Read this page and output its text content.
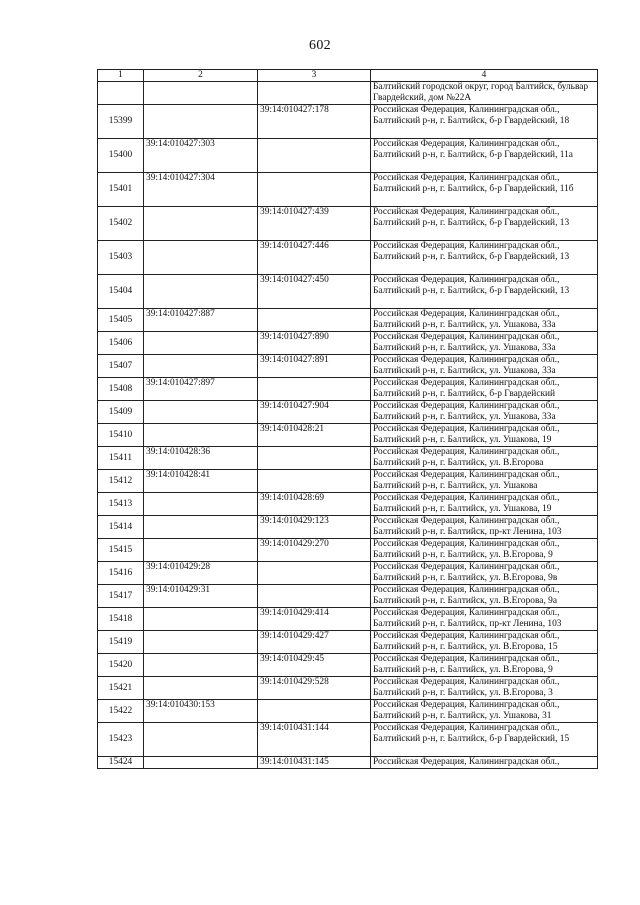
602
1	2	3	4
			Балтийский городской округ, город Балтийск, бульвар Гвардейский, дом №22А
15399		39:14:010427:178	Российская Федерация, Калининградская обл., Балтийский р-н, г. Балтийск, б-р Гвардейский, 18
15400	39:14:010427:303		Российская Федерация, Калининградская обл., Балтийский р-н, г. Балтийск, б-р Гвардейский, 11а
15401	39:14:010427:304		Российская Федерация, Калининградская обл., Балтийский р-н, г. Балтийск, б-р Гвардейский, 11б
15402		39:14:010427:439	Российская Федерация, Калининградская обл., Балтийский р-н, г. Балтийск, б-р Гвардейский, 13
15403		39:14:010427:446	Российская Федерация, Калининградская обл., Балтийский р-н, г. Балтийск, б-р Гвардейский, 13
15404		39:14:010427:450	Российская Федерация, Калининградская обл., Балтийский р-н, г. Балтийск, б-р Гвардейский, 13
15405	39:14:010427:887		Российская Федерация, Калининградская обл., Балтийский р-н, г. Балтийск, ул. Ушакова, 33а
15406		39:14:010427:890	Российская Федерация, Калининградская обл., Балтийский р-н, г. Балтийск, ул. Ушакова, 33а
15407		39:14:010427:891	Российская Федерация, Калининградская обл., Балтийский р-н, г. Балтийск, ул. Ушакова, 33а
15408	39:14:010427:897		Российская Федерация, Калининградская обл., Балтийский р-н, г. Балтийск, б-р Гвардейский
15409		39:14:010427:904	Российская Федерация, Калининградская обл., Балтийский р-н, г. Балтийск, ул. Ушакова, 33а
15410		39:14:010428:21	Российская Федерация, Калининградская обл., Балтийский р-н, г. Балтийск, ул. Ушакова, 19
15411	39:14:010428:36		Российская Федерация, Калининградская обл., Балтийский р-н, г. Балтийск, ул. В.Егорова
15412	39:14:010428:41		Российская Федерация, Калининградская обл., Балтийский р-н, г. Балтийск, ул. Ушакова
15413		39:14:010428:69	Российская Федерация, Калининградская обл., Балтийский р-н, г. Балтийск, ул. Ушакова, 19
15414		39:14:010429:123	Российская Федерация, Калининградская обл., Балтийский р-н, г. Балтийск, пр-кт Ленина, 103
15415		39:14:010429:270	Российская Федерация, Калининградская обл., Балтийский р-н, г. Балтийск, ул. В.Егорова, 9
15416	39:14:010429:28		Российская Федерация, Калининградская обл., Балтийский р-н, г. Балтийск, ул. В.Егорова, 9в
15417	39:14:010429:31		Российская Федерация, Калининградская обл., Балтийский р-н, г. Балтийск, ул. В.Егорова, 9а
15418		39:14:010429:414	Российская Федерация, Калининградская обл., Балтийский р-н, г. Балтийск, пр-кт Ленина, 103
15419		39:14:010429:427	Российская Федерация, Калининградская обл., Балтийский р-н, г. Балтийск, ул. В.Егорова, 15
15420		39:14:010429:45	Российская Федерация, Калининградская обл., Балтийский р-н, г. Балтийск, ул. В.Егорова, 9
15421		39:14:010429:528	Российская Федерация, Калининградская обл., Балтийский р-н, г. Балтийск, ул. В.Егорова, 3
15422	39:14:010430:153		Российская Федерация, Калининградская обл., Балтийский р-н, г. Балтийск, ул. Ушакова, 31
15423		39:14:010431:144	Российская Федерация, Калининградская обл., Балтийский р-н, г. Балтийск, б-р Гвардейский, 15
15424		39:14:010431:145	Российская Федерация, Калининградская обл.,
